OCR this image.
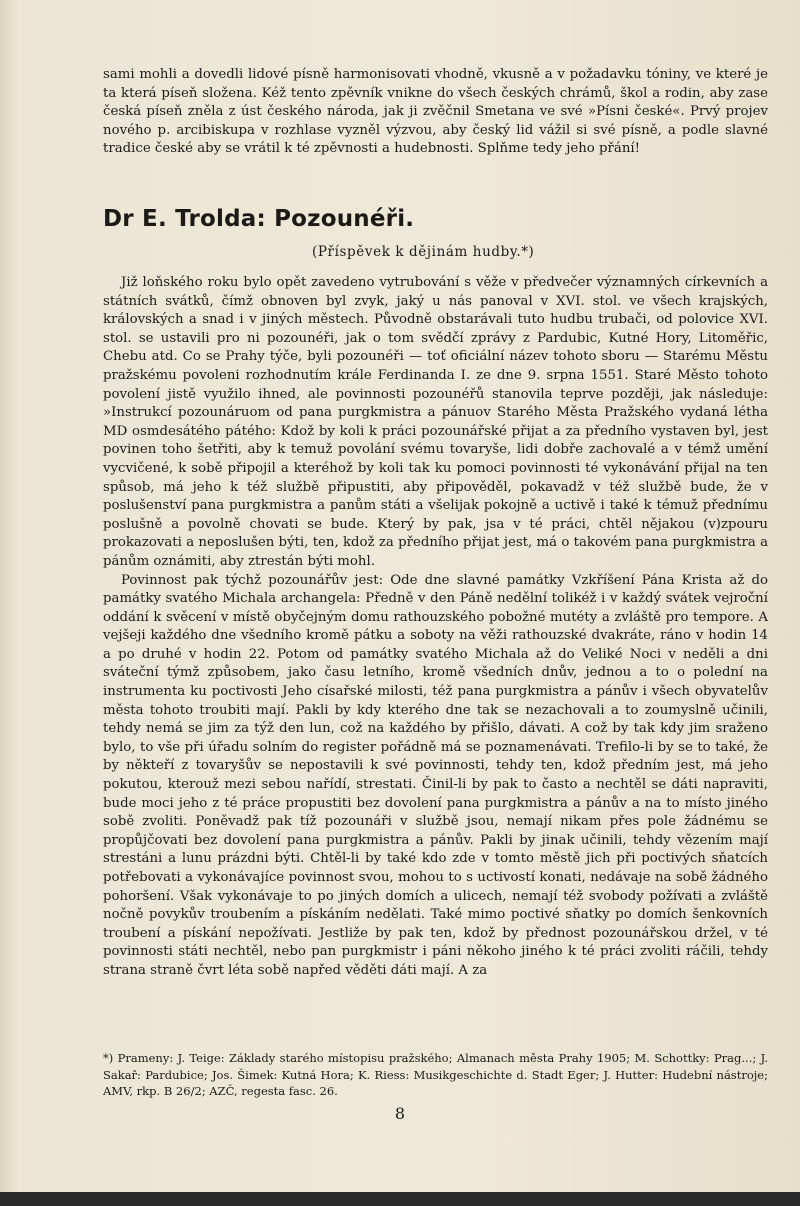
sami mohli a dovedli lidové písně harmonisovati vhodně, vkusně a v požadavku tóniny, ve které je ta která píseň složena. Kéž tento zpěvník vnikne do všech českých chrámů, škol a rodin, aby zase česká píseň zněla z úst českého národa, jak ji zvěčnil Smetana ve své »Písni české«. Prvý projev nového p. arcibiskupa v rozhlase vyzněl výzvou, aby český lid vážil si své písně, a podle slavné tradice české aby se vrátil k té zpěvnosti a hudebnosti. Splňme tedy jeho přání!

Dr E. Trolda: Pozounéři.

(Příspěvek k dějinám hudby.*)

Již loňského roku bylo opět zavedeno vytrubování s věže v předvečer významných církevních a státních svátků, čímž obnoven byl zvyk, jaký u nás panoval v XVI. stol. ve všech krajských, královských a snad i v jiných městech. Původně obstarávali tuto hudbu trubači, od polovice XVI. stol. se ustavili pro ni pozounéři, jak o tom svědčí zprávy z Pardubic, Kutné Hory, Litoměřic, Chebu atd. Co se Prahy týče, byli pozounéři — toť oficiální název tohoto sboru — Starému Městu pražskému povoleni rozhodnutím krále Ferdinanda I. ze dne 9. srpna 1551. Staré Město tohoto povolení jistě využilo ihned, ale povinnosti pozounéřů stanovila teprve později, jak následuje: »Instrukcí pozounáruom od pana purgkmistra a pánuov Starého Města Pražského vydaná létha MD osmdesátého pátého: Kdož by koli k práci pozounářské přijat a za předního vystaven byl, jest povinen toho šetřiti, aby k temuž povolání svému tovaryše, lidi dobře zachovalé a v témž umění vycvičené, k sobě připojil a kteréhož by koli tak ku pomoci povinnosti té vykonávání přijal na ten spůsob, má jeho k též službě připustiti, aby připověděl, pokavadž v též službě bude, že v poslušenství pana purgkmistra a panům státi a všelijak pokojně a uctivě i také k témuž přednímu poslušně a povolně chovati se bude. Který by pak, jsa v té práci, chtěl nějakou (v)zpouru prokazovati a neposlušen býti, ten, kdož za předního přijat jest, má o takovém pana purgkmistra a pánům oznámiti, aby ztrestán býti mohl.

Povinnost pak týchž pozounářův jest: Ode dne slavné památky Vzkříšení Pána Krista až do památky svatého Michala archangela: Předně v den Páně nedělní tolikéž i v každý svátek vejroční oddání k svěcení v místě obyčejným domu rathouzského pobožné mutéty a zvláště pro tempore. A vejšeji každého dne všedního kromě pátku a soboty na věži rathouzské dvakráte, ráno v hodin 14 a po druhé v hodin 22. Potom od památky svatého Michala až do Veliké Noci v neděli a dni sváteční týmž způsobem, jako času letního, kromě všedních dnův, jednou a to o polední na instrumenta ku poctivosti Jeho císařské milosti, též pana purgkmistra a pánův i všech obyvatelův města tohoto troubiti mají. Pakli by kdy kterého dne tak se nezachovali a to zoumyslně učinili, tehdy nemá se jim za týž den lun, což na každého by přišlo, dávati. A což by tak kdy jim sraženo bylo, to vše při úřadu solním do register pořádně má se poznamenávati. Trefilo-li by se to také, že by někteří z tovaryšův se nepostavili k své povinnosti, tehdy ten, kdož předním jest, má jeho pokutou, kterouž mezi sebou nařídí, strestati. Činil-li by pak to často a nechtěl se dáti napraviti, bude moci jeho z té práce propustiti bez dovolení pana purgkmistra a pánův a na to místo jiného sobě zvoliti. Poněvadž pak tíž pozounáři v službě jsou, nemají nikam přes pole žádnému se propůjčovati bez dovolení pana purgkmistra a pánův. Pakli by jinak učinili, tehdy vězením mají strestáni a lunu prázdni býti. Chtěl-li by také kdo zde v tomto městě jich při poctivých sňatcích potřebovati a vykonávajíce povinnost svou, mohou to s uctivostí konati, nedávaje na sobě žádného pohoršení. Však vykonávaje to po jiných domích a ulicech, nemají též svobody požívati a zvláště nočně povykův troubením a pískáním nedělati. Také mimo poctivé sňatky po domích šenkovních troubení a pískání nepožívati. Jestliže by pak ten, kdož by přednost pozounářskou držel, v té povinnosti státi nechtěl, nebo pan purgkmistr i páni někoho jiného k té práci zvoliti ráčili, tehdy strana straně čvrt léta sobě napřed věděti dáti mají. A za

*) Prameny: J. Teige: Základy starého místopisu pražského; Almanach města Prahy 1905; M. Schottky: Prag...; J. Sakař: Pardubice; Jos. Šimek: Kutná Hora; K. Riess: Musikgeschichte d. Stadt Eger; J. Hutter: Hudební nástroje; AMV, rkp. B 26/2; AZČ, regesta fasc. 26.
8
